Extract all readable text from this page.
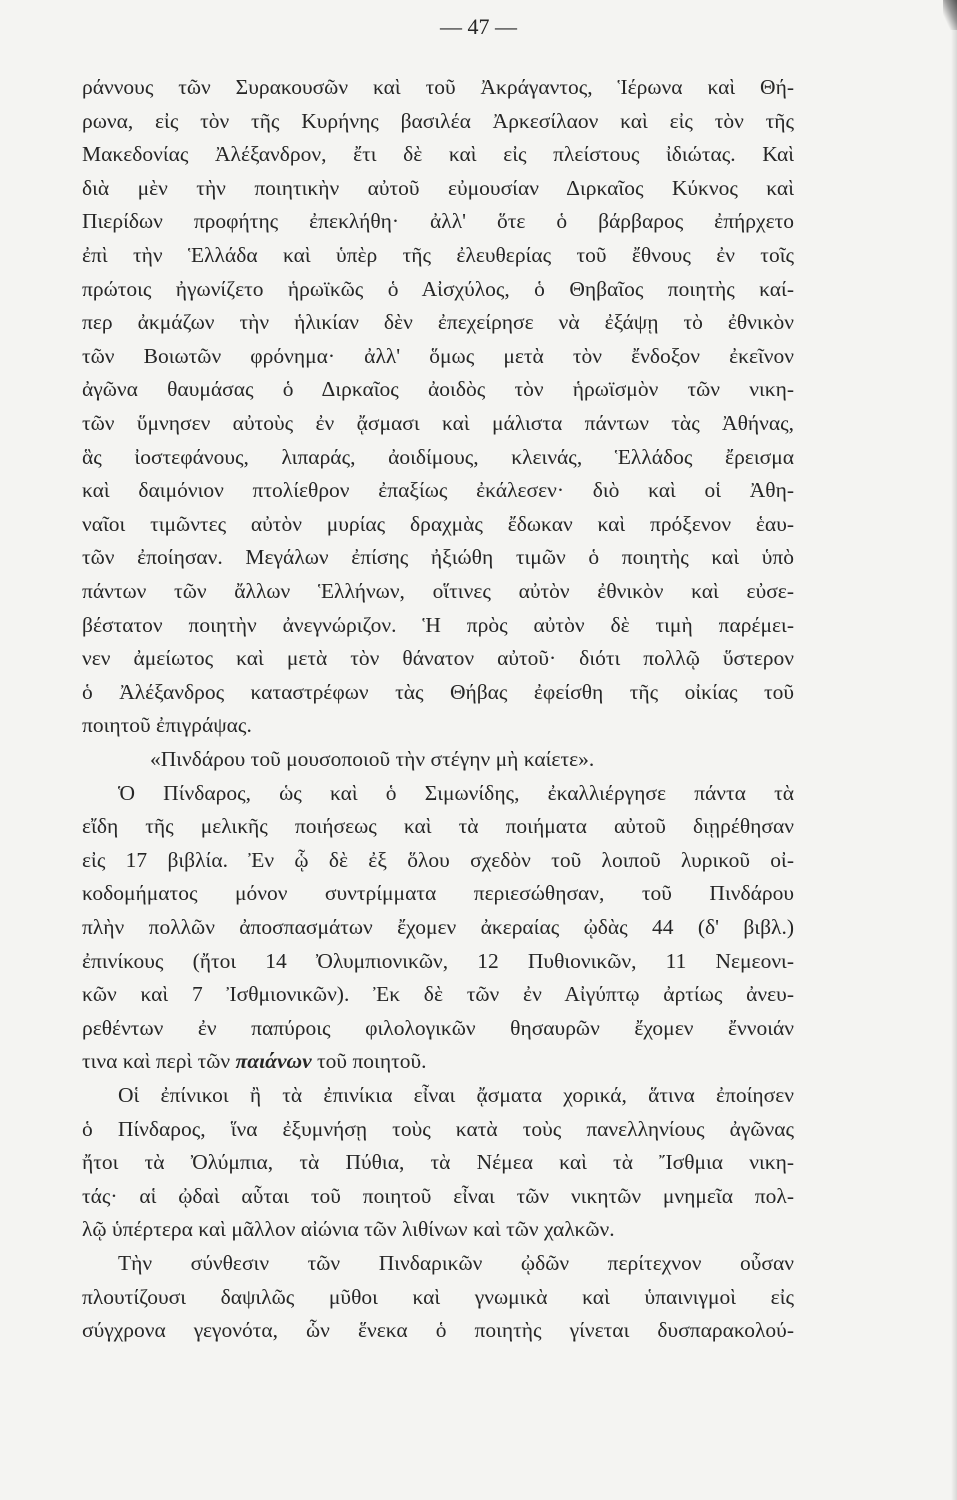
— 47 —
ράννους τῶν Συρακουσῶν καὶ τοῦ Ἀκράγαντος, Ἱέρωνα καὶ Θή-
ρωνα, εἰς τὸν τῆς Κυρήνης βασιλέα Ἀρκεσίλαον καὶ εἰς τὸν τῆς
Μακεδονίας Ἀλέξανδρον, ἔτι δὲ καὶ εἰς πλείστους ἰδιώτας. Καὶ
διὰ μὲν τὴν ποιητικὴν αὐτοῦ εὐμουσίαν Διρκαῖος Κύκνος καὶ
Πιερίδων προφήτης ἐπεκλήθη· ἀλλ' ὅτε ὁ βάρβαρος ἐπήρχετο
ἐπὶ τὴν Ἑλλάδα καὶ ὑπὲρ τῆς ἐλευθερίας τοῦ ἔθνους ἐν τοῖς
πρώτοις ἠγωνίζετο ἡρωϊκῶς ὁ Αἰσχύλος, ὁ Θηβαῖος ποιητὴς καί-
περ ἀκμάζων τὴν ἡλικίαν δὲν ἐπεχείρησε νὰ ἐξάψῃ τὸ ἐθνικὸν
τῶν Βοιωτῶν φρόνημα· ἀλλ' ὅμως μετὰ τὸν ἔνδοξον ἐκεῖνον
ἀγῶνα θαυμάσας ὁ Διρκαῖος ἀοιδὸς τὸν ἡρωϊσμὸν τῶν νικη-
τῶν ὕμνησεν αὐτοὺς ἐν ᾄσμασι καὶ μάλιστα πάντων τὰς Ἀθήνας,
ἃς ἰοστεφάνους, λιπαράς, ἀοιδίμους, κλεινάς, Ἑλλάδος ἔρεισμα
καὶ δαιμόνιον πτολίεθρον ἐπαξίως ἐκάλεσεν· διὸ καὶ οἱ Ἀθη-
ναῖοι τιμῶντες αὐτὸν μυρίας δραχμὰς ἔδωκαν καὶ πρόξενον ἑαυ-
τῶν ἐποίησαν. Μεγάλων ἐπίσης ἠξιώθη τιμῶν ὁ ποιητὴς καὶ ὑπὸ
πάντων τῶν ἄλλων Ἑλλήνων, οἵτινες αὐτὸν ἐθνικὸν καὶ εὐσε-
βέστατον ποιητὴν ἀνεγνώριζον. Ἡ πρὸς αὐτὸν δὲ τιμὴ παρέμει-
νεν ἀμείωτος καὶ μετὰ τὸν θάνατον αὐτοῦ· διότι πολλῷ ὕστερον
ὁ Ἀλέξανδρος καταστρέφων τὰς Θήβας ἐφείσθη τῆς οἰκίας τοῦ
ποιητοῦ ἐπιγράψας.
«Πινδάρου τοῦ μουσοποιοῦ τὴν στέγην μὴ καίετε».
Ὁ Πίνδαρος, ὡς καὶ ὁ Σιμωνίδης, ἐκαλλιέργησε πάντα τὰ
εἴδη τῆς μελικῆς ποιήσεως καὶ τὰ ποιήματα αὐτοῦ διῃρέθησαν
εἰς 17 βιβλία. Ἐν ᾧ δὲ ἐξ ὅλου σχεδὸν τοῦ λοιποῦ λυρικοῦ οἰ-
κοδομήματος μόνον συντρίμματα περιεσώθησαν, τοῦ Πινδάρου
πλὴν πολλῶν ἀποσπασμάτων ἔχομεν ἀκεραίας ᾠδὰς 44 (δ' βιβλ.)
ἐπινίκους (ἤτοι 14 Ὀλυμπιονικῶν, 12 Πυθιονικῶν, 11 Νεμεονι-
κῶν καὶ 7 Ἰσθμιονικῶν). Ἐκ δὲ τῶν ἐν Αἰγύπτῳ ἀρτίως ἀνευ-
ρεθέντων ἐν παπύροις φιλολογικῶν θησαυρῶν ἔχομεν ἔννοιάν
τινα καὶ περὶ τῶν παιάνων τοῦ ποιητοῦ.
Οἱ ἐπίνικοι ἢ τὰ ἐπινίκια εἶναι ᾄσματα χορικά, ἅτινα ἐποίησεν
ὁ Πίνδαρος, ἵνα ἐξυμνήσῃ τοὺς κατὰ τοὺς πανελληνίους ἀγῶνας
ἤτοι τὰ Ὀλύμπια, τὰ Πύθια, τὰ Νέμεα καὶ τὰ Ἴσθμια νικη-
τάς· αἱ ᾠδαὶ αὗται τοῦ ποιητοῦ εἶναι τῶν νικητῶν μνημεῖα πολ-
λῷ ὑπέρτερα καὶ μᾶλλον αἰώνια τῶν λιθίνων καὶ τῶν χαλκῶν.
Τὴν σύνθεσιν τῶν Πινδαρικῶν ᾠδῶν περίτεχνον οὖσαν
πλουτίζουσι δαψιλῶς μῦθοι καὶ γνωμικὰ καὶ ὑπαινιγμοὶ εἰς
σύγχρονα γεγονότα, ὧν ἕνεκα ὁ ποιητὴς γίνεται δυσπαρακολού-
